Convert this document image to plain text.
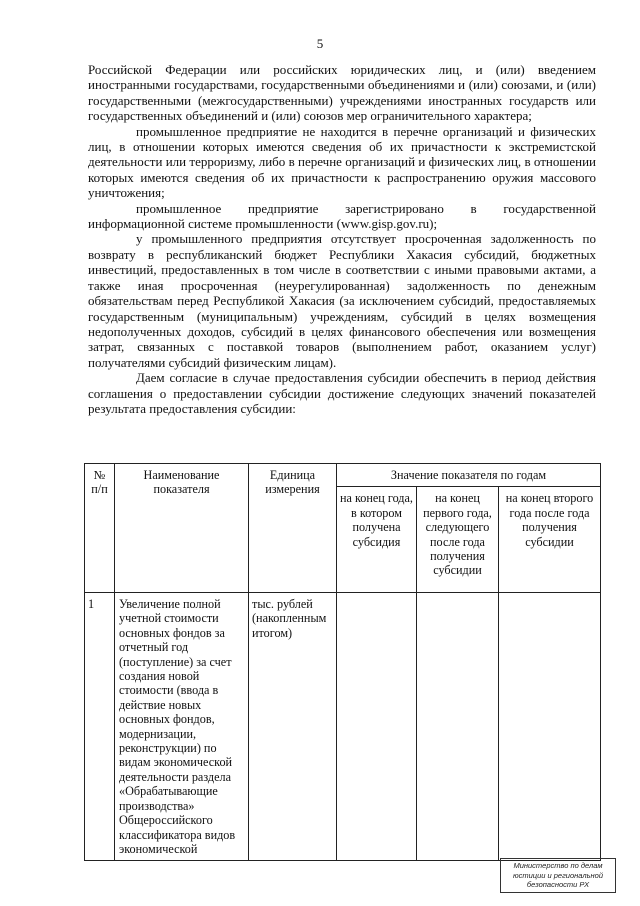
5

Российской Федерации или российских юридических лиц, и (или) введением иностранными государствами, государственными объединениями и (или) союзами, и (или) государственными (межгосударственными) учреждениями иностранных государств или государственных объединений и (или) союзов мер ограничительного характера;

промышленное предприятие не находится в перечне организаций и физических лиц, в отношении которых имеются сведения об их причастности к экстремистской деятельности или терроризму, либо в перечне организаций и физических лиц, в отношении которых имеются сведения об их причастности к распространению оружия массового уничтожения;

промышленное предприятие зарегистрировано в государственной информационной системе промышленности (www.gisp.gov.ru);

у промышленного предприятия отсутствует просроченная задолженность по возврату в республиканский бюджет Республики Хакасия субсидий, бюджетных инвестиций, предоставленных в том числе в соответствии с иными правовыми актами, а также иная просроченная (неурегулированная) задолженность по денежным обязательствам перед Республикой Хакасия (за исключением субсидий, предоставляемых государственным (муниципальным) учреждениям, субсидий в целях возмещения недополученных доходов, субсидий в целях финансового обеспечения или возмещения затрат, связанных с поставкой товаров (выполнением работ, оказанием услуг) получателями субсидий физическим лицам).

Даем согласие в случае предоставления субсидии обеспечить в период действия соглашения о предоставлении субсидии достижение следующих значений показателей результата предоставления субсидии:

№ п/п	Наименование показателя	Единица измерения	Значение показателя по годам		
			на конец года, в котором получена субсидия	на конец первого года, следующего после года получения субсидии	на конец второго года после года получения субсидии
1	Увеличение полной учетной стоимости основных фондов за отчетный год (поступление) за счет создания новой стоимости (ввода в действие новых основных фондов, модернизации, реконструкции) по видам экономической деятельности раздела «Обрабатывающие производства» Общероссийского классификатора видов экономической	тыс. рублей (накопленным итогом)			
Министерство по делам
юстиции и региональной
безопасности РХ
